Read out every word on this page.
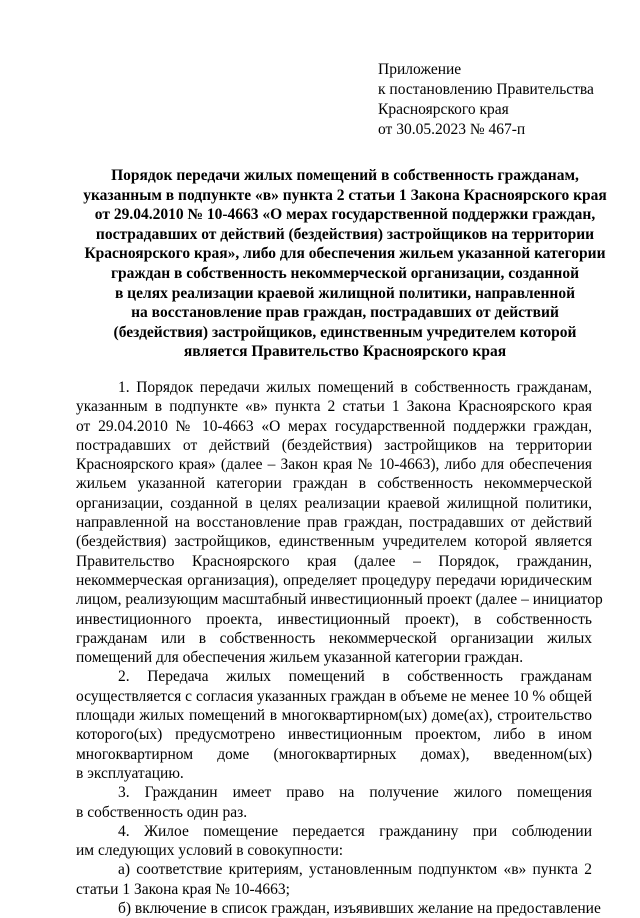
Приложение
к постановлению Правительства
Красноярского края
от 30.05.2023 № 467-п
Порядок передачи жилых помещений в собственность гражданам,
указанным в подпункте «в» пункта 2 статьи 1 Закона Красноярского края
от 29.04.2010 № 10-4663 «О мерах государственной поддержки граждан,
пострадавших от действий (бездействия) застройщиков на территории
Красноярского края», либо для обеспечения жильем указанной категории
граждан в собственность некоммерческой организации, созданной
в целях реализации краевой жилищной политики, направленной
на восстановление прав граждан, пострадавших от действий
(бездействия) застройщиков, единственным учредителем которой
является Правительство Красноярского края
1. Порядок передачи жилых помещений в собственность гражданам,
указанным в подпункте «в» пункта 2 статьи 1 Закона Красноярского края
от 29.04.2010 № 10-4663 «О мерах государственной поддержки граждан,
пострадавших от действий (бездействия) застройщиков на территории
Красноярского края» (далее – Закон края № 10-4663), либо для обеспечения
жильем указанной категории граждан в собственность некоммерческой
организации, созданной в целях реализации краевой жилищной политики,
направленной на восстановление прав граждан, пострадавших от действий
(бездействия) застройщиков, единственным учредителем которой является
Правительство Красноярского края (далее – Порядок, гражданин,
некоммерческая организация), определяет процедуру передачи юридическим
лицом, реализующим масштабный инвестиционный проект (далее – инициатор
инвестиционного проекта, инвестиционный проект), в собственность
гражданам или в собственность некоммерческой организации жилых
помещений для обеспечения жильем указанной категории граждан.
2. Передача жилых помещений в собственность гражданам
осуществляется с согласия указанных граждан в объеме не менее 10 % общей
площади жилых помещений в многоквартирном(ых) доме(ах), строительство
которого(ых) предусмотрено инвестиционным проектом, либо в ином
многоквартирном доме (многоквартирных домах), введенном(ых)
в эксплуатацию.
3. Гражданин имеет право на получение жилого помещения
в собственность один раз.
4. Жилое помещение передается гражданину при соблюдении
им следующих условий в совокупности:
а) соответствие критериям, установленным подпунктом «в» пункта 2
статьи 1 Закона края № 10-4663;
б) включение в список граждан, изъявивших желание на предоставление
